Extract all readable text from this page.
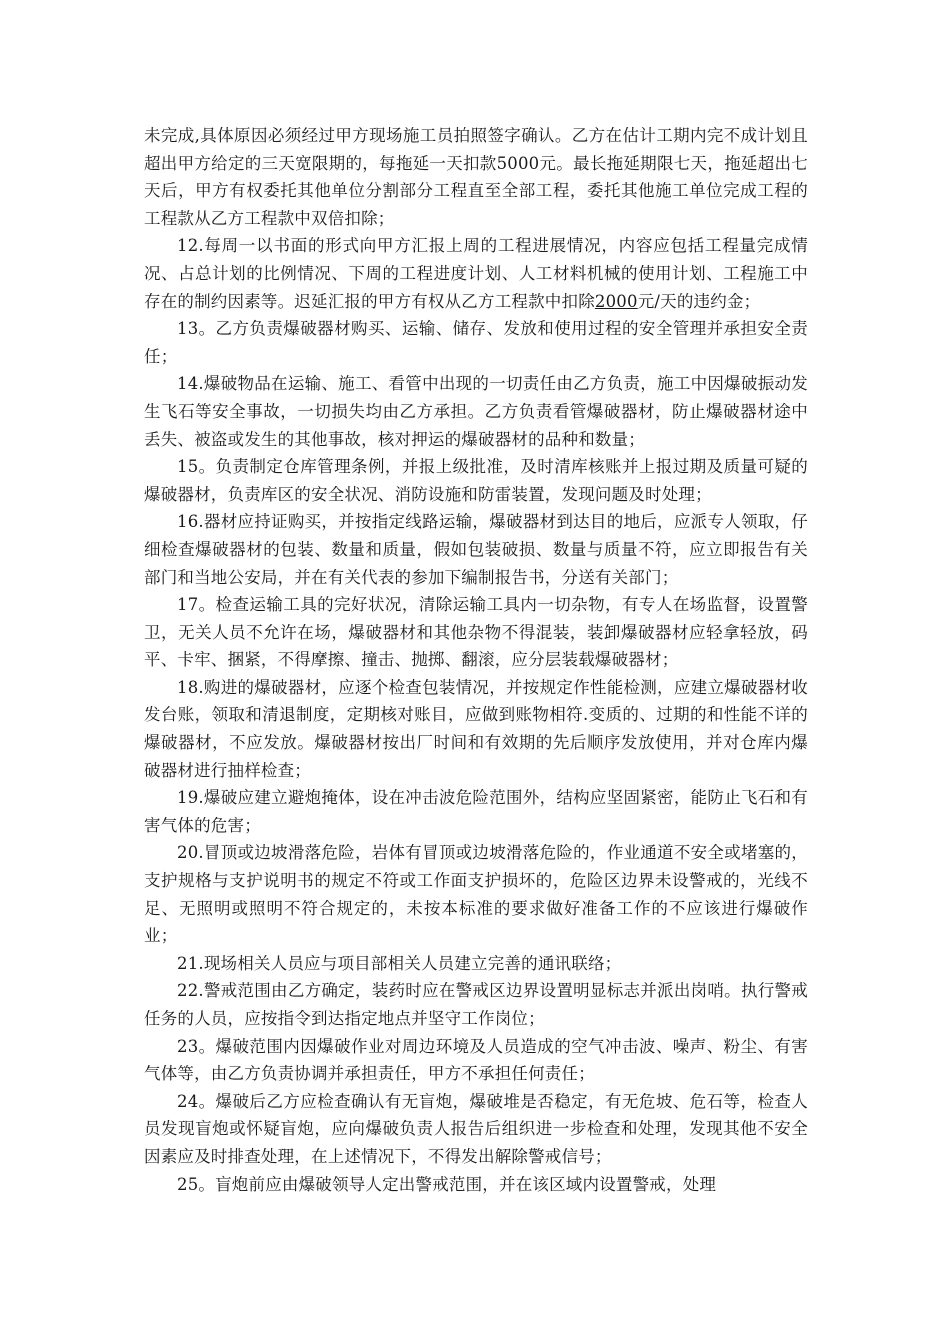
未完成,具体原因必须经过甲方现场施工员拍照签字确认。乙方在估计工期内完不成计划且超出甲方给定的三天宽限期的，每拖延一天扣款5000元。最长拖延期限七天，拖延超出七天后，甲方有权委托其他单位分割部分工程直至全部工程，委托其他施工单位完成工程的工程款从乙方工程款中双倍扣除；

12.每周一以书面的形式向甲方汇报上周的工程进展情况，内容应包括工程量完成情况、占总计划的比例情况、下周的工程进度计划、人工材料机械的使用计划、工程施工中存在的制约因素等。迟延汇报的甲方有权从乙方工程款中扣除2000元/天的违约金；

13。乙方负责爆破器材购买、运输、储存、发放和使用过程的安全管理并承担安全责任；

14.爆破物品在运输、施工、看管中出现的一切责任由乙方负责，施工中因爆破振动发生飞石等安全事故，一切损失均由乙方承担。乙方负责看管爆破器材，防止爆破器材途中丢失、被盗或发生的其他事故，核对押运的爆破器材的品种和数量；

15。负责制定仓库管理条例，并报上级批准，及时清库核账并上报过期及质量可疑的爆破器材，负责库区的安全状况、消防设施和防雷装置，发现问题及时处理；

16.器材应持证购买，并按指定线路运输，爆破器材到达目的地后，应派专人领取，仔细检查爆破器材的包装、数量和质量，假如包装破损、数量与质量不符，应立即报告有关部门和当地公安局，并在有关代表的参加下编制报告书，分送有关部门；

17。检查运输工具的完好状况，清除运输工具内一切杂物，有专人在场监督，设置警卫，无关人员不允许在场，爆破器材和其他杂物不得混装，装卸爆破器材应轻拿轻放，码平、卡牢、捆紧，不得摩擦、撞击、抛掷、翻滚，应分层装载爆破器材；

18.购进的爆破器材，应逐个检查包装情况，并按规定作性能检测，应建立爆破器材收发台账，领取和清退制度，定期核对账目，应做到账物相符.变质的、过期的和性能不详的爆破器材，不应发放。爆破器材按出厂时间和有效期的先后顺序发放使用，并对仓库内爆破器材进行抽样检查；

19.爆破应建立避炮掩体，设在冲击波危险范围外，结构应坚固紧密，能防止飞石和有害气体的危害；

20.冒顶或边坡滑落危险，岩体有冒顶或边坡滑落危险的，作业通道不安全或堵塞的，支护规格与支护说明书的规定不符或工作面支护损坏的，危险区边界未设警戒的，光线不足、无照明或照明不符合规定的，未按本标准的要求做好准备工作的不应该进行爆破作业；

21.现场相关人员应与项目部相关人员建立完善的通讯联络；

22.警戒范围由乙方确定，装药时应在警戒区边界设置明显标志并派出岗哨。执行警戒任务的人员，应按指令到达指定地点并坚守工作岗位；

23。爆破范围内因爆破作业对周边环境及人员造成的空气冲击波、噪声、粉尘、有害气体等，由乙方负责协调并承担责任，甲方不承担任何责任；

24。爆破后乙方应检查确认有无盲炮，爆破堆是否稳定，有无危坡、危石等，检查人员发现盲炮或怀疑盲炮，应向爆破负责人报告后组织进一步检查和处理，发现其他不安全因素应及时排查处理，在上述情况下，不得发出解除警戒信号；

25。盲炮前应由爆破领导人定出警戒范围，并在该区域内设置警戒，处理
